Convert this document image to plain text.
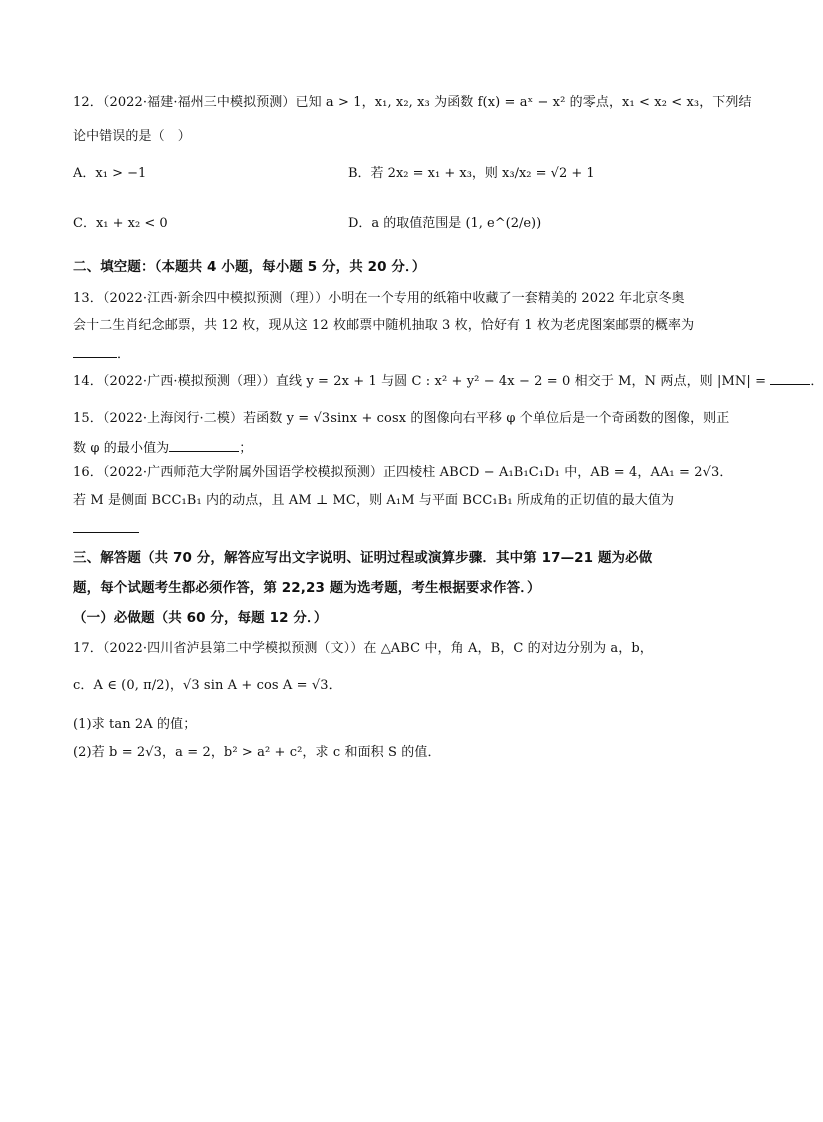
12．（2022·福建·福州三中模拟预测）已知 a > 1，x₁, x₂, x₃ 为函数 f(x) = aˣ − x² 的零点，x₁ < x₂ < x₃，下列结
论中错误的是（　）
A．x₁ > −1	B．若 2x₂ = x₁ + x₃，则 x₃/x₂ = √2 + 1
C．x₁ + x₂ < 0	D．a 的取值范围是 (1, e^(2/e))
二、填空题：（本题共 4 小题，每小题 5 分，共 20 分．）
13．（2022·江西·新余四中模拟预测（理））小明在一个专用的纸箱中收藏了一套精美的 2022 年北京冬奥
会十二生肖纪念邮票，共 12 枚，现从这 12 枚邮票中随机抽取 3 枚，恰好有 1 枚为老虎图案邮票的概率为
．
14．（2022·广西·模拟预测（理））直线 y = 2x + 1 与圆 C : x² + y² − 4x − 2 = 0 相交于 M，N 两点，则 |MN| =	．
15．（2022·上海闵行·二模）若函数 y = √3sinx + cosx 的图像向右平移 φ 个单位后是一个奇函数的图像，则正
数 φ 的最小值为	；
16．（2022·广西师范大学附属外国语学校模拟预测）正四棱柱 ABCD − A₁B₁C₁D₁ 中，AB = 4，AA₁ = 2√3．
若 M 是侧面 BCC₁B₁ 内的动点，且 AM ⊥ MC，则 A₁M 与平面 BCC₁B₁ 所成角的正切值的最大值为
三、解答题（共 70 分，解答应写出文字说明、证明过程或演算步骤．其中第 17—21 题为必做
题，每个试题考生都必须作答，第 22,23 题为选考题，考生根据要求作答．）
（一）必做题（共 60 分，每题 12 分．）
17．（2022·四川省泸县第二中学模拟预测（文））在 △ABC 中，角 A，B，C 的对边分别为 a，b，
c．A ∈ (0, π/2)，√3 sin A + cos A = √3．
(1)求 tan 2A 的值；
(2)若 b = 2√3，a = 2，b² > a² + c²，求 c 和面积 S 的值．
